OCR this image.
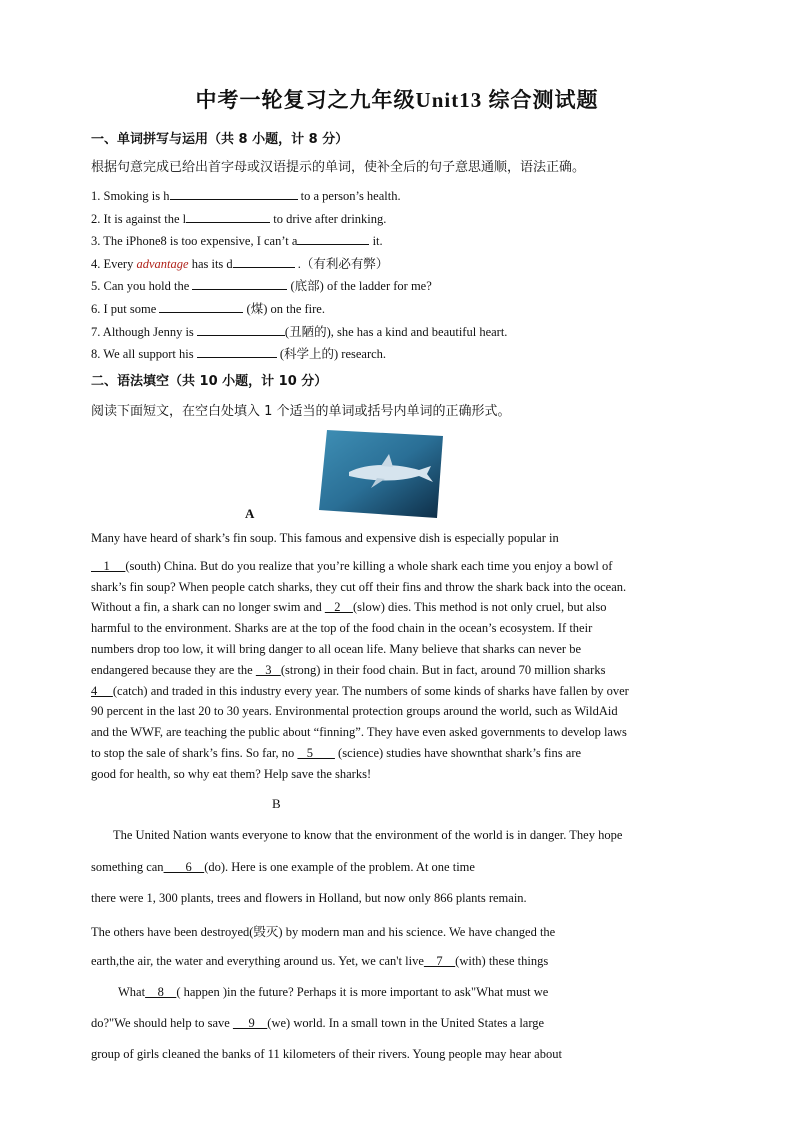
中考一轮复习之九年级Unit13 综合测试题
一、单词拼写与运用（共 8 小题，计 8 分）
根据句意完成已给出首字母或汉语提示的单词，使补全后的句子意思通顺，语法正确。
1. Smoking is h	to a person’s health.
2. It is against the l	to drive after drinking.
3. The iPhone8 is too expensive, I can’t a	it.
4. Every advantage has its d	.（有利必有弊）
5. Can you hold the	(底部) of the ladder for me?
6. I put some	(煤) on the fire.
7. Although Jenny is	(丑陋的), she has a kind and beautiful heart.
8. We all support his	(科学上的) research.
二、语法填空（共 10 小题，计 10 分）
阅读下面短文，在空白处填入 1 个适当的单词或括号内单词的正确形式。
A
Many have heard of shark’s fin soup. This famous and expensive dish is especially popular in
1     (south) China. But do you realize that you’re killing a whole shark each time you enjoy a bowl of
shark’s fin soup? When people catch sharks, they cut off their fins and throw the shark back into the ocean.
Without a fin, a shark can no longer swim and    2    (slow) dies. This method is not only cruel, but also
harmful to the environment. Sharks are at the top of the food chain in the ocean’s ecosystem. If their
numbers drop too low, it will bring danger to all ocean life. Many believe that sharks can never be
endangered because they are the    3   (strong) in their food chain. But in fact, around 70 million sharks
4     (catch) and traded in this industry every year. The numbers of some kinds of sharks have fallen by over
90 percent in the last 20 to 30 years. Environmental protection groups around the world, such as WildAid
and the WWF, are teaching the public about “finning”. They have even asked governments to develop laws
to stop the sale of shark’s fins. So far, no    5        (science) studies have shownthat shark’s fins are
good for health, so why eat them? Help save the sharks!
B
The United Nation wants everyone to know that the environment of the world is in danger. They hope
something can       6    (do). Here is one example of the problem. At one time
there were 1, 300 plants, trees and flowers in Holland, but now only 866 plants remain.
The others have been destroyed(毁灭) by modern man and his science. We have changed the
earth,the air, the water and everything around us. Yet, we can't live    7    (with) these things
What    8    ( happen )in the future? Perhaps it is more important to ask"What must we
do?"We should help to save      9    (we) world. In a small town in the United States a large
group of girls cleaned the banks of 11 kilometers of their rivers. Young people may hear about
